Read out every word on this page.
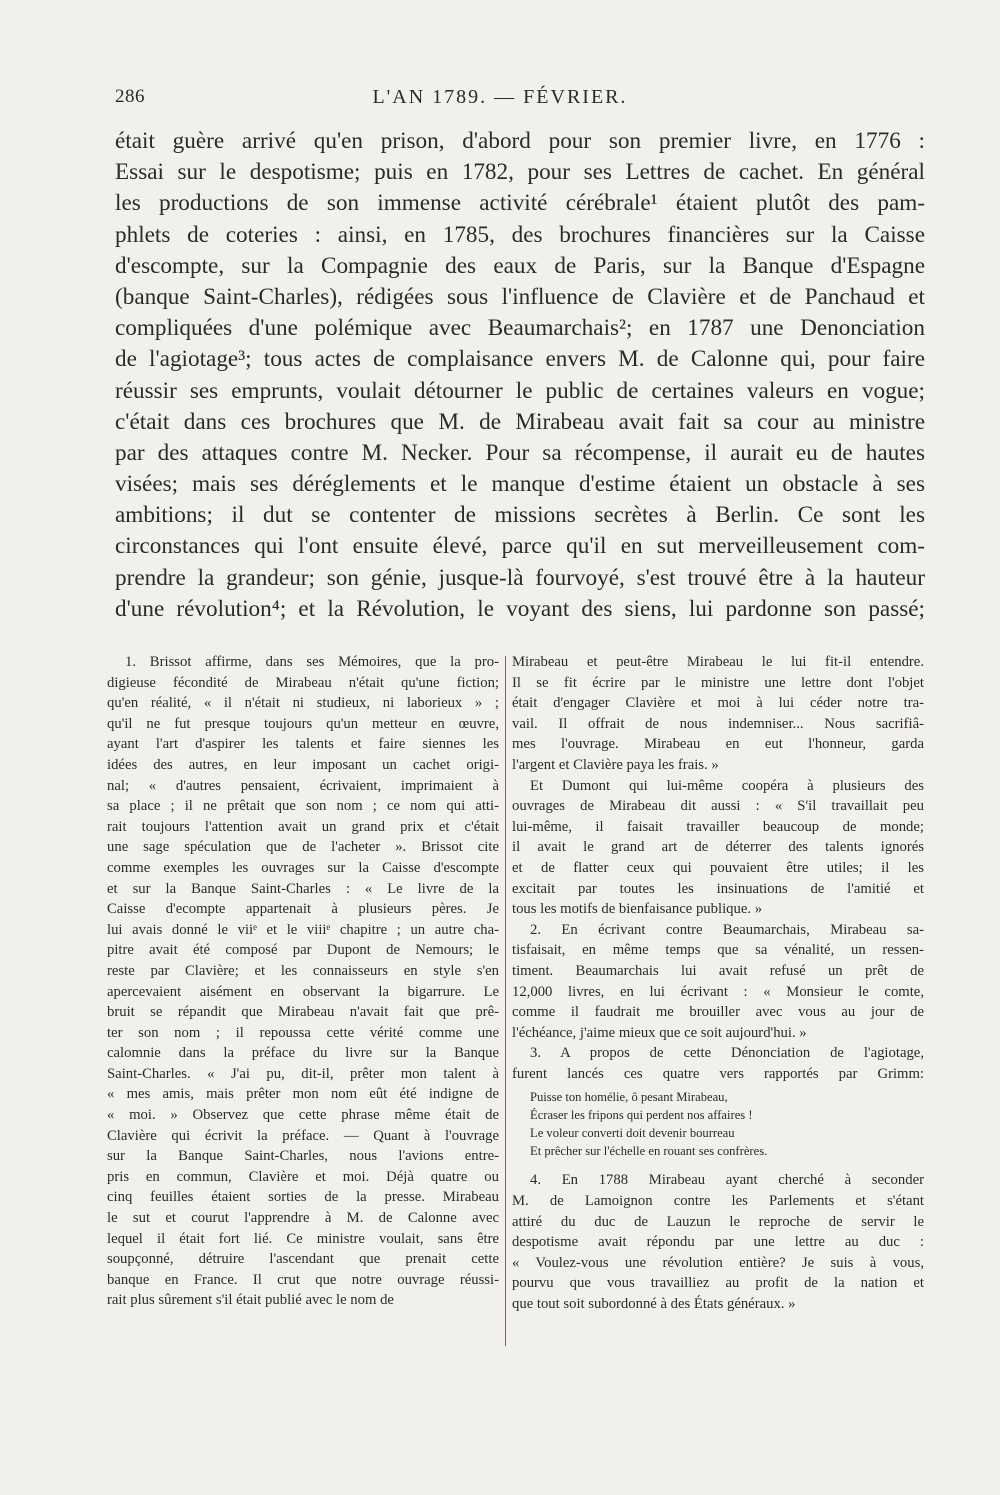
286	L'AN 1789. — FÉVRIER.
était guère arrivé qu'en prison, d'abord pour son premier livre, en 1776 :
Essai sur le despotisme; puis en 1782, pour ses Lettres de cachet. En général
les productions de son immense activité cérébrale¹ étaient plutôt des pam-
phlets de coteries : ainsi, en 1785, des brochures financières sur la Caisse
d'escompte, sur la Compagnie des eaux de Paris, sur la Banque d'Espagne
(banque Saint-Charles), rédigées sous l'influence de Clavière et de Panchaud et
compliquées d'une polémique avec Beaumarchais²; en 1787 une Denonciation
de l'agiotage³; tous actes de complaisance envers M. de Calonne qui, pour faire
réussir ses emprunts, voulait détourner le public de certaines valeurs en vogue;
c'était dans ces brochures que M. de Mirabeau avait fait sa cour au ministre
par des attaques contre M. Necker. Pour sa récompense, il aurait eu de hautes
visées; mais ses déréglements et le manque d'estime étaient un obstacle à ses
ambitions; il dut se contenter de missions secrètes à Berlin. Ce sont les
circonstances qui l'ont ensuite élevé, parce qu'il en sut merveilleusement com-
prendre la grandeur; son génie, jusque-là fourvoyé, s'est trouvé être à la hauteur
d'une révolution⁴; et la Révolution, le voyant des siens, lui pardonne son passé;
1. Brissot affirme, dans ses Mémoires, que la pro-
digieuse fécondité de Mirabeau n'était qu'une fiction;
qu'en réalité, « il n'était ni studieux, ni laborieux » ;
qu'il ne fut presque toujours qu'un metteur en œuvre,
ayant l'art d'aspirer les talents et faire siennes les
idées des autres, en leur imposant un cachet origi-
nal; « d'autres pensaient, écrivaient, imprimaient à
sa place ; il ne prêtait que son nom ; ce nom qui atti-
rait toujours l'attention avait un grand prix et c'était
une sage spéculation que de l'acheter ». Brissot cite
comme exemples les ouvrages sur la Caisse d'escompte
et sur la Banque Saint-Charles : « Le livre de la
Caisse d'ecompte appartenait à plusieurs pères. Je
lui avais donné le viiᵉ et le viiiᵉ chapitre ; un autre cha-
pitre avait été composé par Dupont de Nemours; le
reste par Clavière; et les connaisseurs en style s'en
apercevaient aisément en observant la bigarrure. Le
bruit se répandit que Mirabeau n'avait fait que prê-
ter son nom ; il repoussa cette vérité comme une
calomnie dans la préface du livre sur la Banque
Saint-Charles. « J'ai pu, dit-il, prêter mon talent à
« mes amis, mais prêter mon nom eût été indigne de
« moi. » Observez que cette phrase même était de
Clavière qui écrivit la préface. — Quant à l'ouvrage
sur la Banque Saint-Charles, nous l'avions entre-
pris en commun, Clavière et moi. Déjà quatre ou
cinq feuilles étaient sorties de la presse. Mirabeau
le sut et courut l'apprendre à M. de Calonne avec
lequel il était fort lié. Ce ministre voulait, sans être
soupçonné, détruire l'ascendant que prenait cette
banque en France. Il crut que notre ouvrage réussi-
rait plus sûrement s'il était publié avec le nom de
Mirabeau et peut-être Mirabeau le lui fit-il entendre.
Il se fit écrire par le ministre une lettre dont l'objet
était d'engager Clavière et moi à lui céder notre tra-
vail. Il offrait de nous indemniser... Nous sacrifiâ-
mes l'ouvrage. Mirabeau en eut l'honneur, garda
l'argent et Clavière paya les frais. »
Et Dumont qui lui-même coopéra à plusieurs des
ouvrages de Mirabeau dit aussi : « S'il travaillait peu
lui-même, il faisait travailler beaucoup de monde;
il avait le grand art de déterrer des talents ignorés
et de flatter ceux qui pouvaient être utiles; il les
excitait par toutes les insinuations de l'amitié et
tous les motifs de bienfaisance publique. »
2. En écrivant contre Beaumarchais, Mirabeau sa-
tisfaisait, en même temps que sa vénalité, un ressen-
timent. Beaumarchais lui avait refusé un prêt de
12,000 livres, en lui écrivant : « Monsieur le comte,
comme il faudrait me brouiller avec vous au jour de
l'échéance, j'aime mieux que ce soit aujourd'hui. »
3. A propos de cette Dénonciation de l'agiotage,
furent lancés ces quatre vers rapportés par Grimm:
Puisse ton homélie, ô pesant Mirabeau,
Écraser les fripons qui perdent nos affaires !
Le voleur converti doit devenir bourreau
Et prêcher sur l'échelle en rouant ses confrères.
4. En 1788 Mirabeau ayant cherché à seconder
M. de Lamoignon contre les Parlements et s'étant
attiré du duc de Lauzun le reproche de servir le
despotisme avait répondu par une lettre au duc :
« Voulez-vous une révolution entière? Je suis à vous,
pourvu que vous travailliez au profit de la nation et
que tout soit subordonné à des États généraux. »
